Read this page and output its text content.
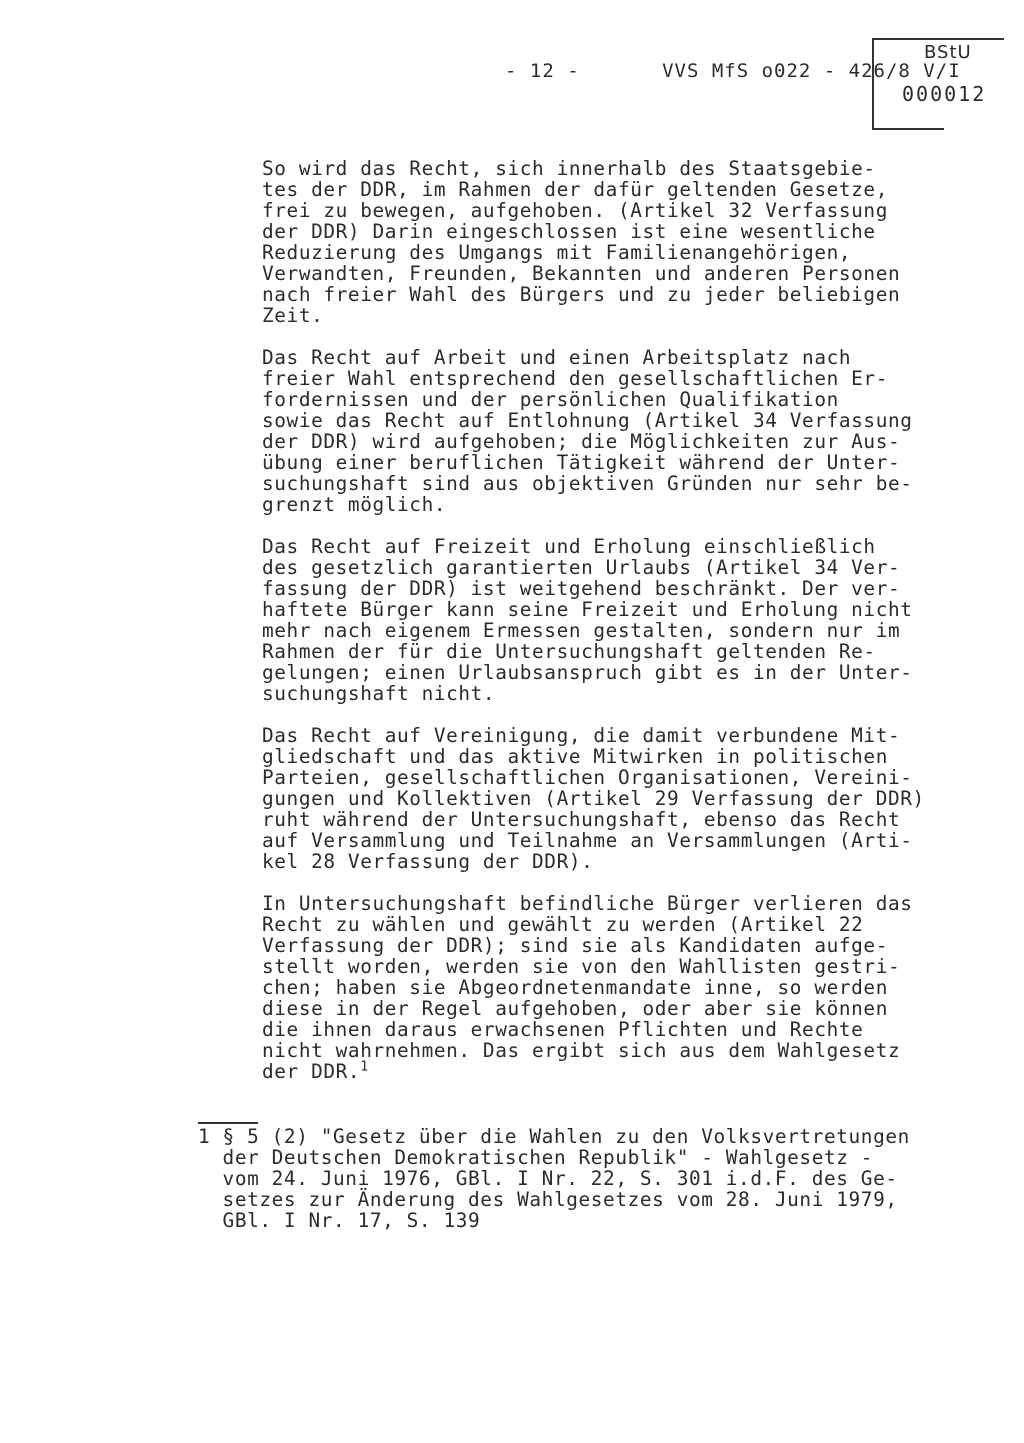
- 12 -	VVS MfS o022 - 426/8 V/I
BStU
000012
So wird das Recht, sich innerhalb des Staatsgebie-
tes der DDR, im Rahmen der dafür geltenden Gesetze,
frei zu bewegen, aufgehoben. (Artikel 32 Verfassung
der DDR) Darin eingeschlossen ist eine wesentliche
Reduzierung des Umgangs mit Familienangehörigen,
Verwandten, Freunden, Bekannten und anderen Personen
nach freier Wahl des Bürgers und zu jeder beliebigen
Zeit.
Das Recht auf Arbeit und einen Arbeitsplatz nach
freier Wahl entsprechend den gesellschaftlichen Er-
fordernissen und der persönlichen Qualifikation
sowie das Recht auf Entlohnung (Artikel 34 Verfassung
der DDR) wird aufgehoben; die Möglichkeiten zur Aus-
übung einer beruflichen Tätigkeit während der Unter-
suchungshaft sind aus objektiven Gründen nur sehr be-
grenzt möglich.
Das Recht auf Freizeit und Erholung einschließlich
des gesetzlich garantierten Urlaubs (Artikel 34 Ver-
fassung der DDR) ist weitgehend beschränkt. Der ver-
haftete Bürger kann seine Freizeit und Erholung nicht
mehr nach eigenem Ermessen gestalten, sondern nur im
Rahmen der für die Untersuchungshaft geltenden Re-
gelungen; einen Urlaubsanspruch gibt es in der Unter-
suchungshaft nicht.
Das Recht auf Vereinigung, die damit verbundene Mit-
gliedschaft und das aktive Mitwirken in politischen
Parteien, gesellschaftlichen Organisationen, Vereini-
gungen und Kollektiven (Artikel 29 Verfassung der DDR)
ruht während der Untersuchungshaft, ebenso das Recht
auf Versammlung und Teilnahme an Versammlungen (Arti-
kel 28 Verfassung der DDR).
In Untersuchungshaft befindliche Bürger verlieren das
Recht zu wählen und gewählt zu werden (Artikel 22
Verfassung der DDR); sind sie als Kandidaten aufge-
stellt worden, werden sie von den Wahllisten gestri-
chen; haben sie Abgeordnetenmandate inne, so werden
diese in der Regel aufgehoben, oder aber sie können
die ihnen daraus erwachsenen Pflichten und Rechte
nicht wahrnehmen. Das ergibt sich aus dem Wahlgesetz
der DDR.$^1$
1 § 5 (2) "Gesetz über die Wahlen zu den Volksvertretungen
der Deutschen Demokratischen Republik" - Wahlgesetz -
vom 24. Juni 1976, GBl. I Nr. 22, S. 301 i.d.F. des Ge-
setzes zur Änderung des Wahlgesetzes vom 28. Juni 1979,
GBl. I Nr. 17, S. 139
